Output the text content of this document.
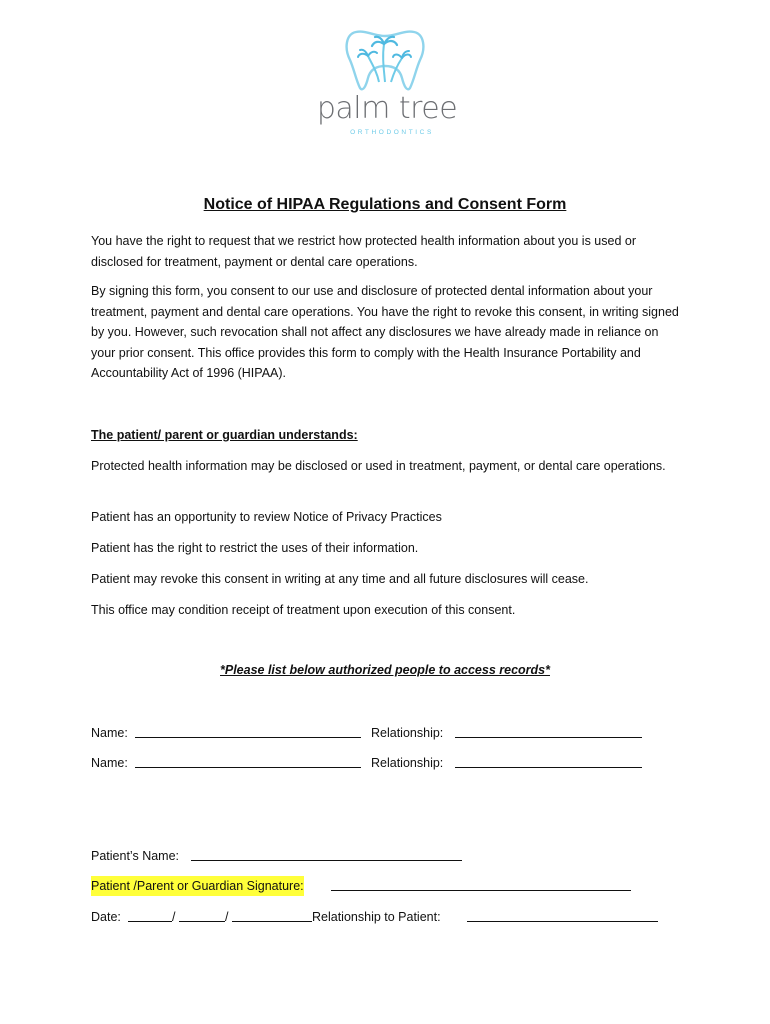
palm tree
ORTHODONTICS
Notice of HIPAA Regulations and Consent Form

You have the right to request that we restrict how protected health information about you is used or disclosed for treatment, payment or dental care operations.

By signing this form, you consent to our use and disclosure of protected dental information about your treatment, payment and dental care operations. You have the right to revoke this consent, in writing signed by you. However, such revocation shall not affect any disclosures we have already made in reliance on your prior consent. This office provides this form to comply with the Health Insurance Portability and Accountability Act of 1996 (HIPAA).

The patient/ parent or guardian understands:

Protected health information may be disclosed or used in treatment, payment, or dental care operations.

Patient has an opportunity to review Notice of Privacy Practices

Patient has the right to restrict the uses of their information.

Patient may revoke this consent in writing at any time and all future disclosures will cease.

This office may condition receipt of treatment upon execution of this consent.

*Please list below authorized people to access records*
Name:	Relationship:
Name:	Relationship:
Patient’s Name:
Patient /Parent or Guardian Signature:
Date:	/	/	Relationship to Patient:
